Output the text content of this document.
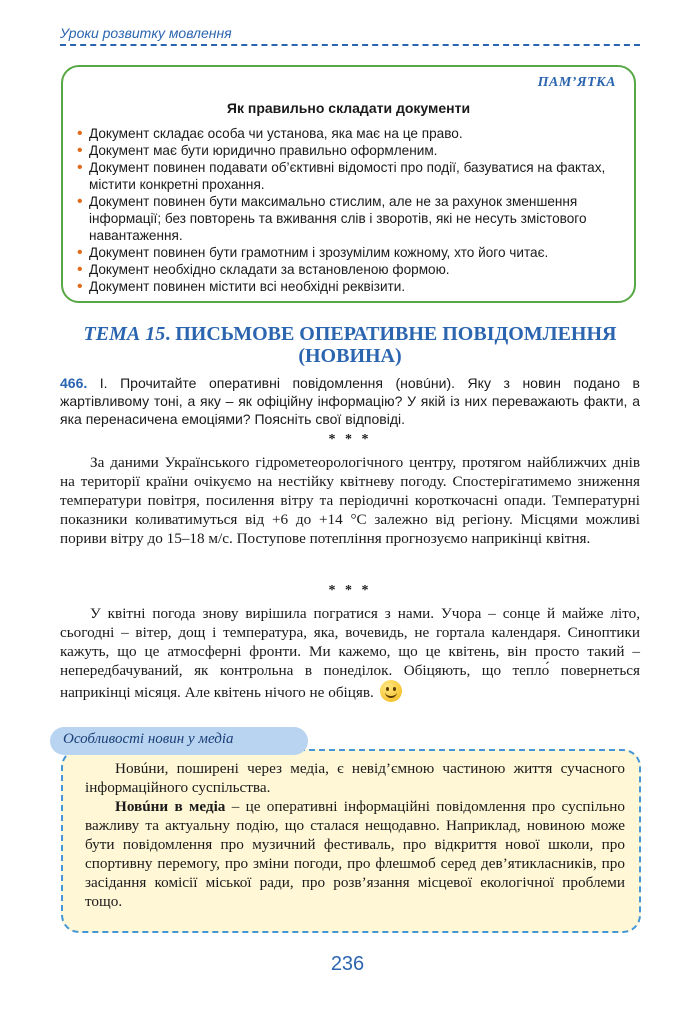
Уроки розвитку мовлення
ПАМ’ЯТКА
Як правильно складати документи
• Документ складає особа чи установа, яка має на це право.
• Документ має бути юридично правильно оформленим.
• Документ повинен подавати об’єктивні відомості про події, базуватися на фактах, містити конкретні прохання.
• Документ повинен бути максимально стислим, але не за рахунок зменшення інформації; без повторень та вживання слів і зворотів, які не несуть змістового навантаження.
• Документ повинен бути грамотним і зрозумілим кожному, хто його читає.
• Документ необхідно складати за встановленою формою.
• Документ повинен містити всі необхідні реквізити.
ТЕМА 15. ПИСЬМОВЕ ОПЕРАТИВНЕ ПОВІДОМЛЕННЯ (НОВИНА)
466. І. Прочитайте оперативні повідомлення (новúни). Яку з новин подано в жартівливому тоні, а яку – як офіційну інформацію? У якій із них переважають факти, а яка перенасичена емоціями? Поясніть свої відповіді.
* * *

За даними Українського гідрометеорологічного центру, протягом найближчих днів на території країни очікуємо на нестійку квітневу погоду. Спостерігатимемо зниження температури повітря, посилення вітру та періодичні короткочасні опади. Температурні показники коливатимуться від +6 до +14 °С залежно від регіону. Місцями можливі пориви вітру до 15–18 м/с. Поступове потепління прогнозуємо наприкінці квітня.

* * *

У квітні погода знову вирішила погратися з нами. Учора – сонце й майже літо, сьогодні – вітер, дощ і температура, яка, вочевидь, не гортала календаря. Синоптики кажуть, що це атмосферні фронти. Ми кажемо, що це квітень, він просто такий – непередбачуваний, як контрольна в понеділок. Обіцяють, що тепло́ повернеться наприкінці місяця. Але квітень нічого не обіцяв.

Новúни, поширені через медіа, є невід’ємною частиною життя сучасного інформаційного суспільства.

Новúни в медіа – це оперативні інформаційні повідомлення про суспільно важливу та актуальну подію, що сталася нещодавно. Наприклад, новиною може бути повідомлення про музичний фестиваль, про відкриття нової школи, про спортивну перемогу, про зміни погоди, про флешмоб серед дев’ятикласників, про засідання комісії міської ради, про розв’язання місцевої екологічної проблеми тощо.

Особливості новин у медіа
236
